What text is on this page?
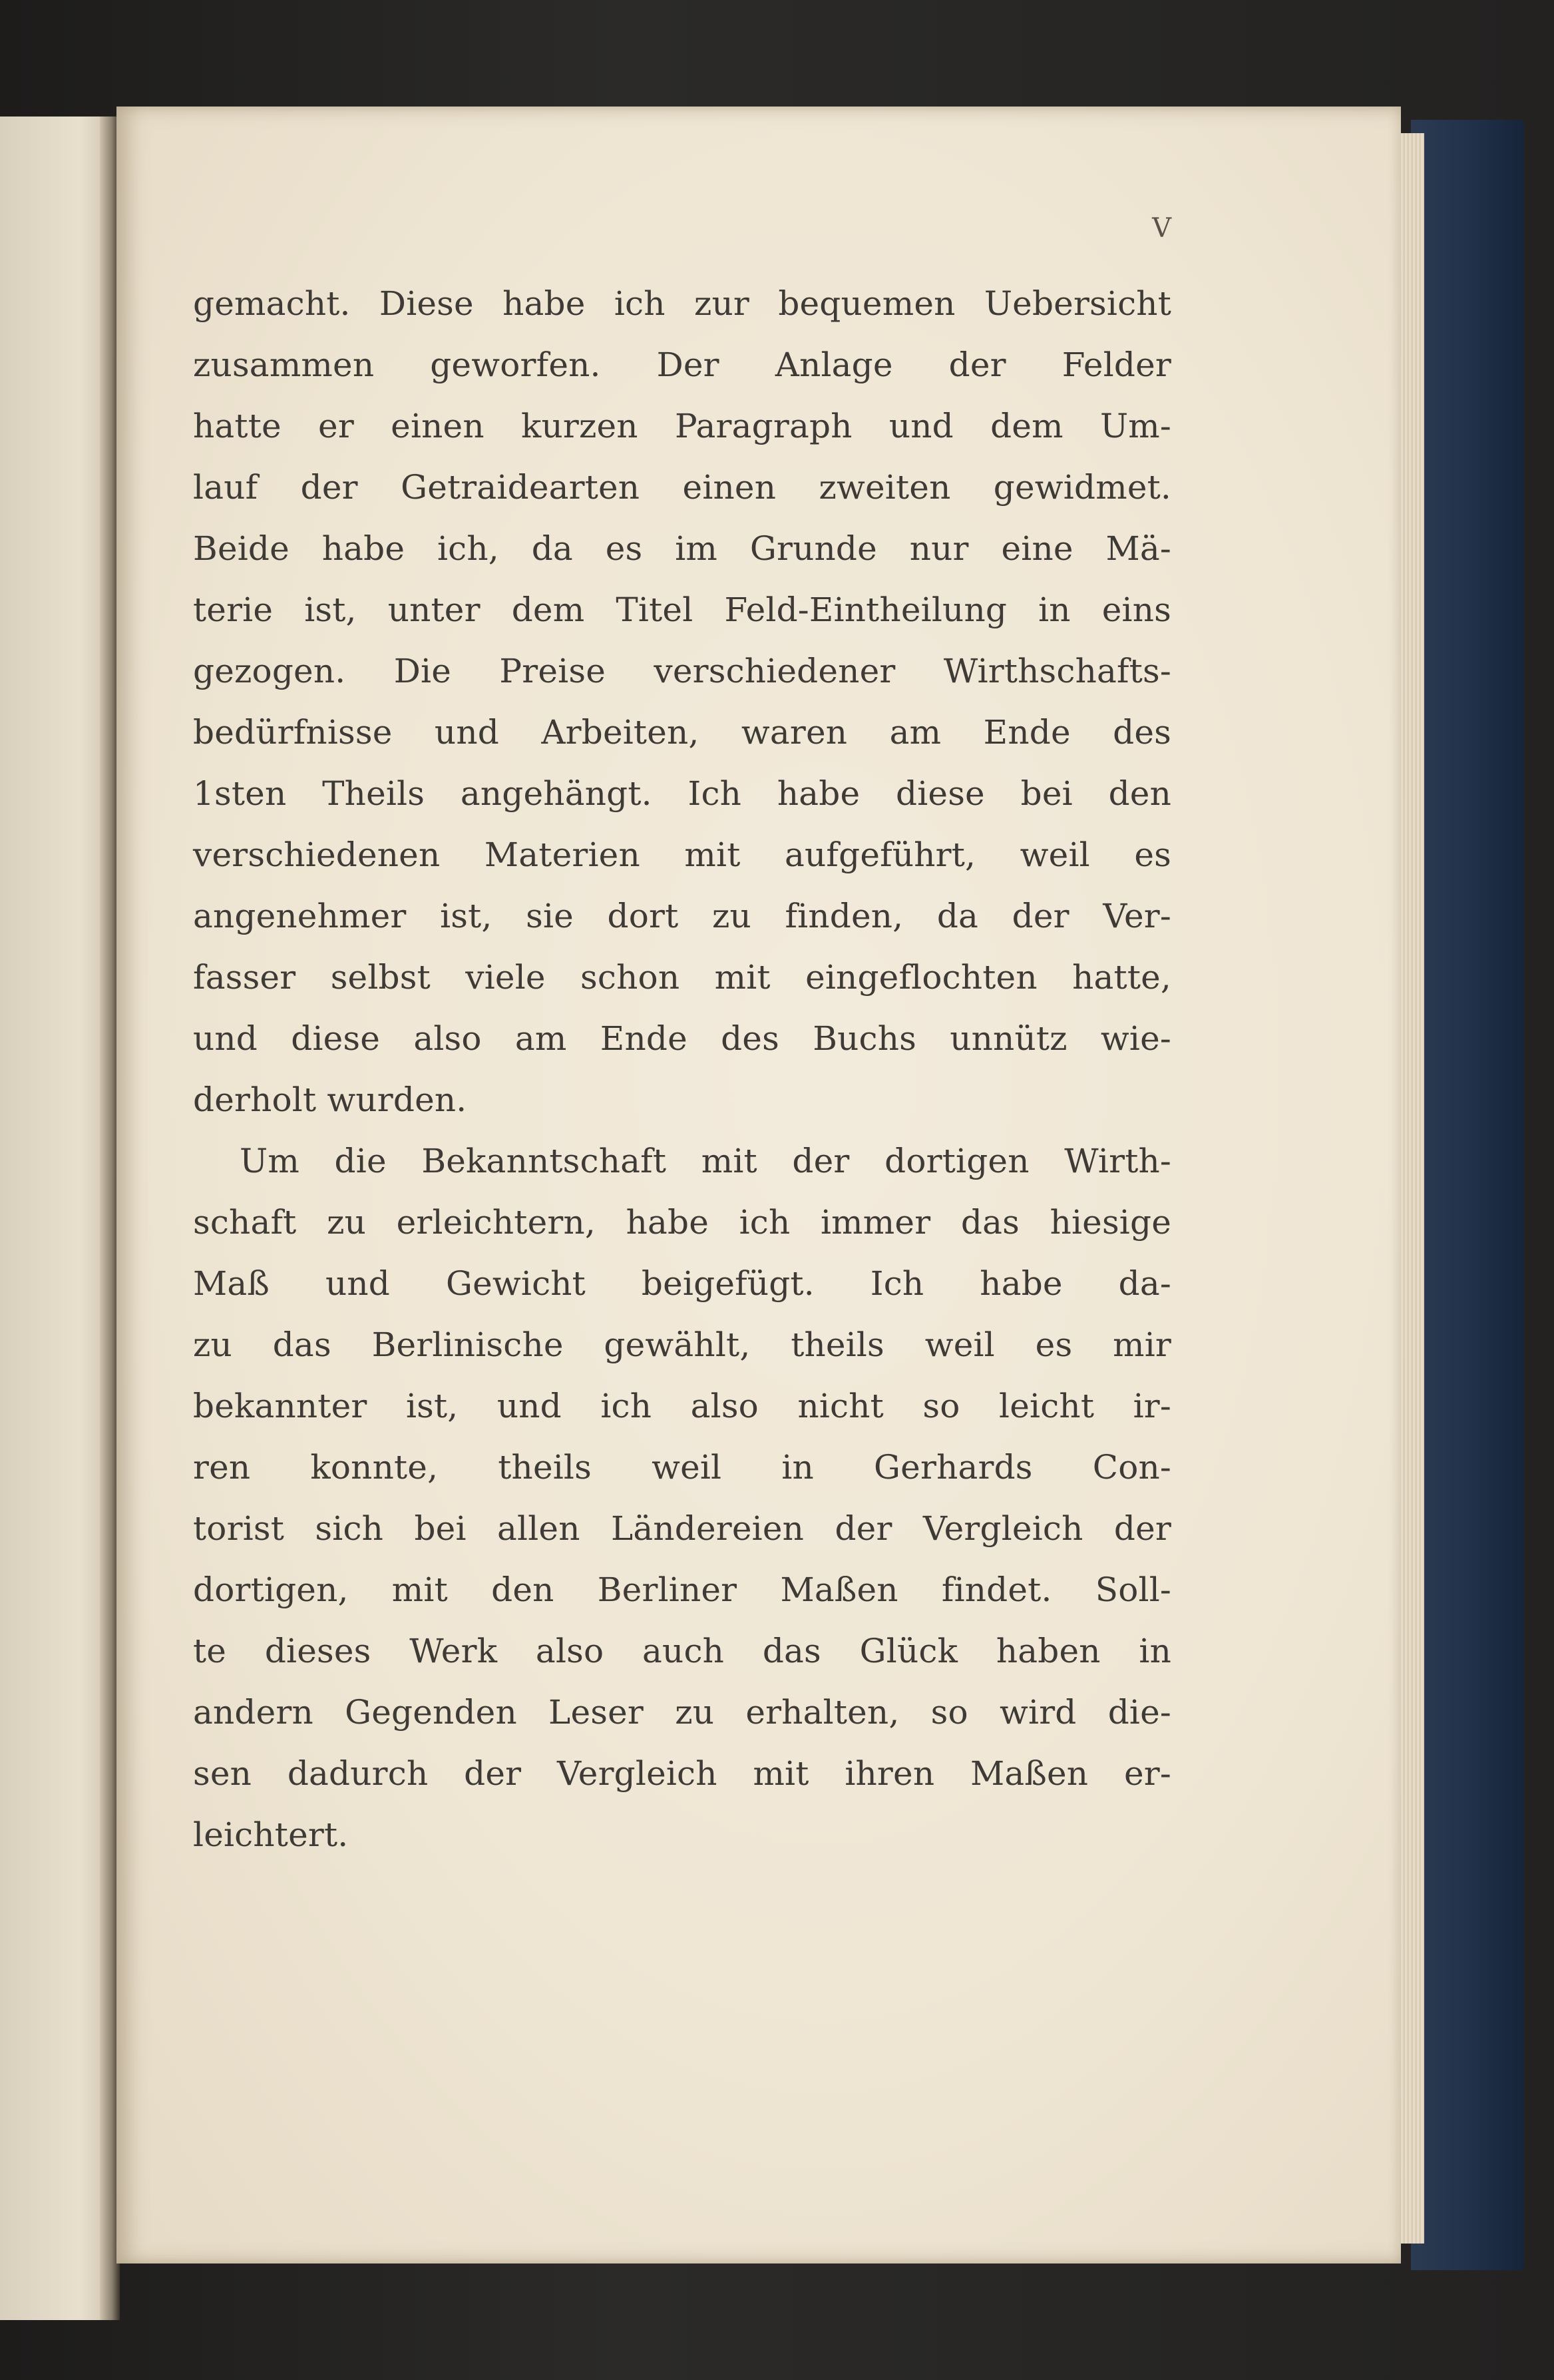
V
gemacht. Diese habe ich zur bequemen Uebersicht
zusammen geworfen. Der Anlage der Felder
hatte er einen kurzen Paragraph und dem Um-
lauf der Getraidearten einen zweiten gewidmet.
Beide habe ich, da es im Grunde nur eine Mä-
terie ist, unter dem Titel Feld-Eintheilung in eins
gezogen. Die Preise verschiedener Wirthschafts-
bedürfnisse und Arbeiten, waren am Ende des
1sten Theils angehängt. Ich habe diese bei den
verschiedenen Materien mit aufgeführt, weil es
angenehmer ist, sie dort zu finden, da der Ver-
fasser selbst viele schon mit eingeflochten hatte,
und diese also am Ende des Buchs unnütz wie-
derholt wurden.
Um die Bekanntschaft mit der dortigen Wirth-
schaft zu erleichtern, habe ich immer das hiesige
Maß und Gewicht beigefügt. Ich habe da-
zu das Berlinische gewählt, theils weil es mir
bekannter ist, und ich also nicht so leicht ir-
ren konnte, theils weil in Gerhards Con-
torist sich bei allen Ländereien der Vergleich der
dortigen, mit den Berliner Maßen findet. Soll-
te dieses Werk also auch das Glück haben in
andern Gegenden Leser zu erhalten, so wird die-
sen dadurch der Vergleich mit ihren Maßen er-
leichtert.
